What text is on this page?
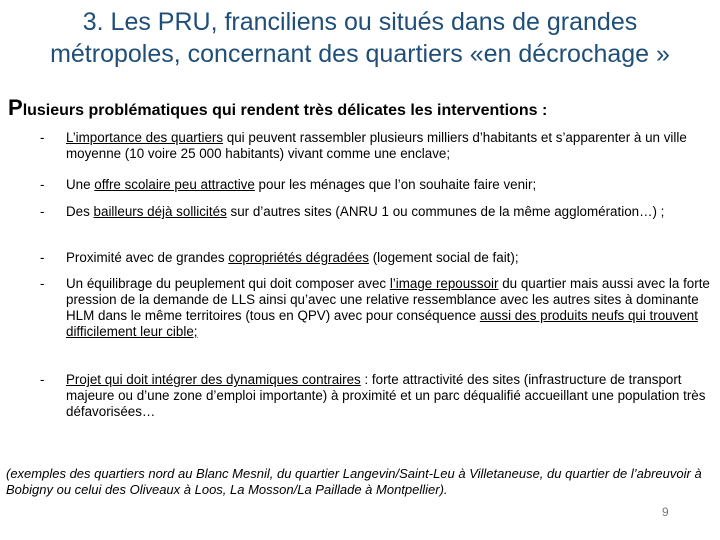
3. Les PRU, franciliens ou situés dans de grandes
métropoles, concernant des quartiers «en décrochage »
Plusieurs problématiques qui rendent très délicates les interventions :
- L’importance des quartiers qui peuvent rassembler plusieurs milliers d’habitants et s’apparenter à un ville moyenne (10 voire 25 000 habitants) vivant comme une enclave;
- Une offre scolaire peu attractive pour les ménages que l’on souhaite faire venir;
- Des bailleurs déjà sollicités sur d’autres sites (ANRU 1 ou communes de la même agglomération…) ;
- Proximité avec de grandes copropriétés dégradées (logement social de fait);
- Un équilibrage du peuplement qui doit composer avec l’image repoussoir du quartier mais aussi avec la forte pression de la demande de LLS ainsi qu’avec une relative ressemblance avec les autres sites à dominante HLM dans le même territoires (tous en QPV) avec pour conséquence aussi des produits neufs qui trouvent difficilement leur cible;
- Projet qui doit intégrer des dynamiques contraires : forte attractivité des sites (infrastructure de transport majeure ou d’une zone d’emploi importante) à proximité et un parc déqualifié accueillant une population très défavorisées…
(exemples des quartiers nord au Blanc Mesnil, du quartier Langevin/Saint-Leu à Villetaneuse, du quartier de l’abreuvoir à Bobigny ou celui des Oliveaux à Loos, La Mosson/La Paillade à Montpellier).
9
